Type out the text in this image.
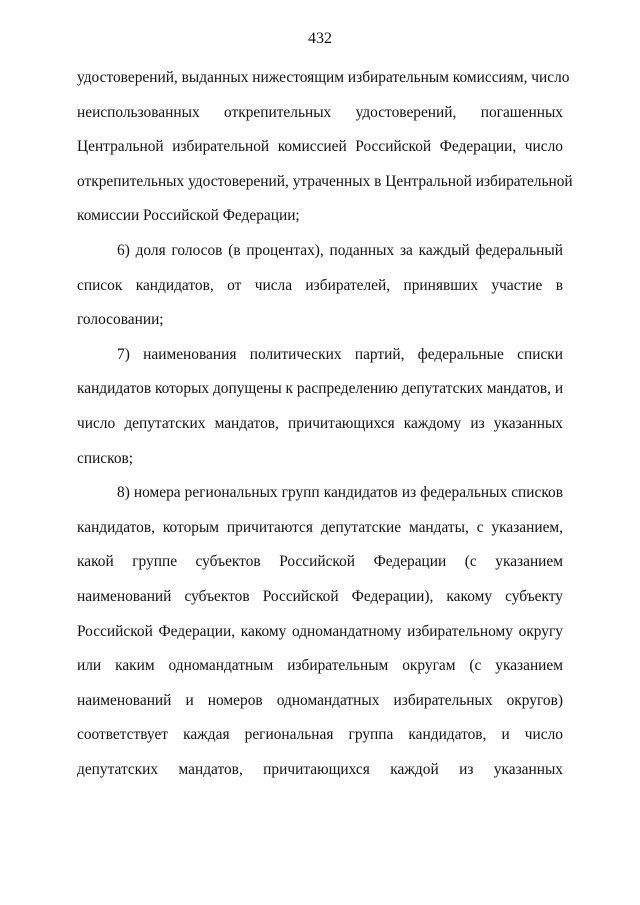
432
удостоверений, выданных нижестоящим избирательным комиссиям, число
неиспользованных открепительных удостоверений, погашенных
Центральной избирательной комиссией Российской Федерации, число
открепительных удостоверений, утраченных в Центральной избирательной
комиссии Российской Федерации;
6) доля голосов (в процентах), поданных за каждый федеральный
список кандидатов, от числа избирателей, принявших участие в
голосовании;
7) наименования политических партий, федеральные списки
кандидатов которых допущены к распределению депутатских мандатов, и
число депутатских мандатов, причитающихся каждому из указанных
списков;
8) номера региональных групп кандидатов из федеральных списков
кандидатов, которым причитаются депутатские мандаты, с указанием,
какой группе субъектов Российской Федерации (с указанием
наименований субъектов Российской Федерации), какому субъекту
Российской Федерации, какому одномандатному избирательному округу
или каким одномандатным избирательным округам (с указанием
наименований и номеров одномандатных избирательных округов)
соответствует каждая региональная группа кандидатов, и число
депутатских мандатов, причитающихся каждой из указанных
